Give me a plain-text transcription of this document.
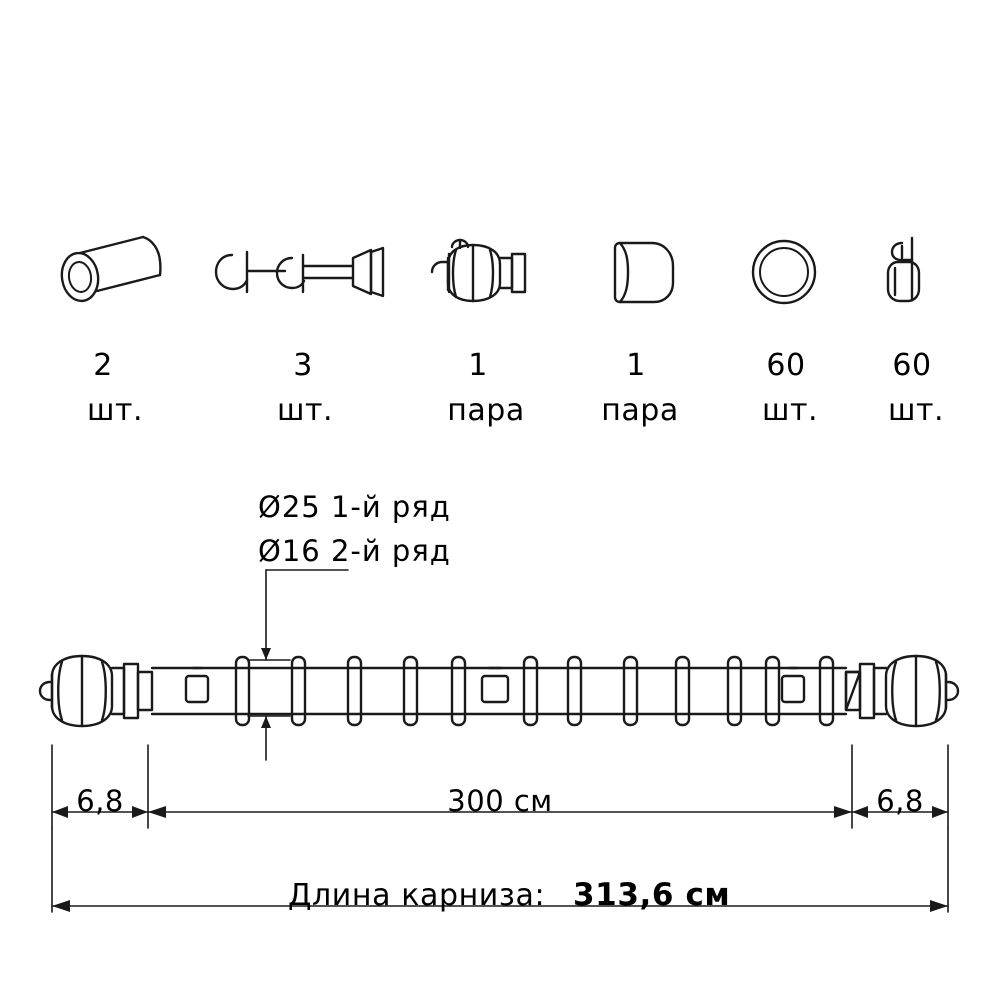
2
шт.
3
шт.
1
пара
1
пара
60
шт.
60
шт.
Ø25 1-й ряд
Ø16 2-й ряд
6,8	300 см	6,8
Длина карниза: 313,6 см
